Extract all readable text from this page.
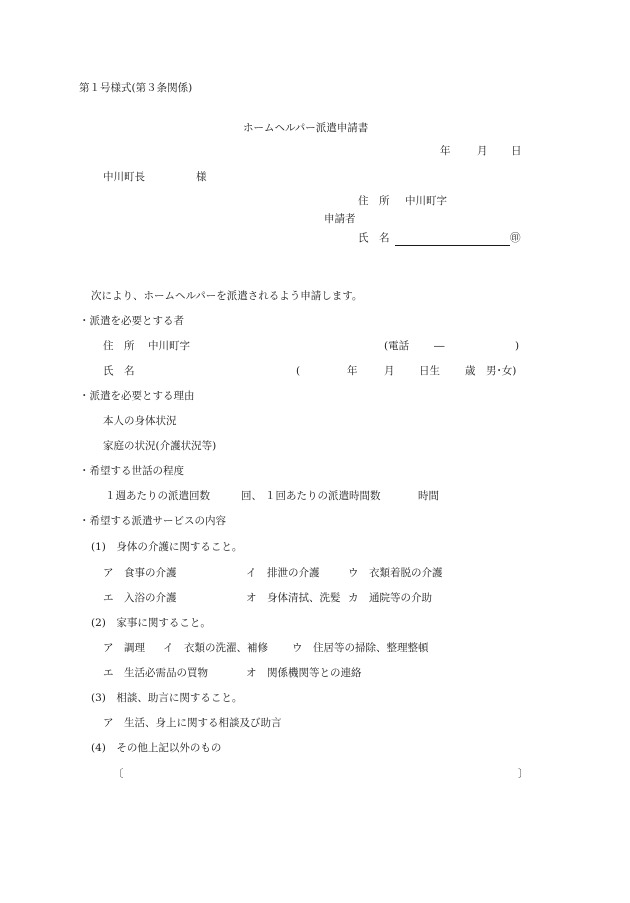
第１号様式(第３条関係)
ホームヘルパー派遣申請書
年	月 日
中川町長	様
住　所 中川町字
申請者
氏　名	㊞
次により、ホームヘルパーを派遣されるよう申請します。
・派遣を必要とする者
住　所 中川町字	(電話 ―	)
氏　名	(	年	月 日生 歳 男･女)
・派遣を必要とする理由
本人の身体状況
家庭の状況(介護状況等)
・希望する世話の程度
１週あたりの派遣回数	回、 １回あたりの派遣時間数	時間
・希望する派遣サービスの内容
(1)　身体の介護に関すること。
ア　食事の介護	イ　排泄の介護	ウ　衣類着脱の介護
エ　入浴の介護	オ　身体清拭、洗髪 カ　通院等の介助
(2)　家事に関すること。
ア　調理 イ　衣類の洗濯、補修 ウ　住居等の掃除、整理整頓
エ　生活必需品の買物	オ　関係機関等との連絡
(3)　相談、助言に関すること。
ア　生活、身上に関する相談及び助言
(4)　その他上記以外のもの
〔	〕
